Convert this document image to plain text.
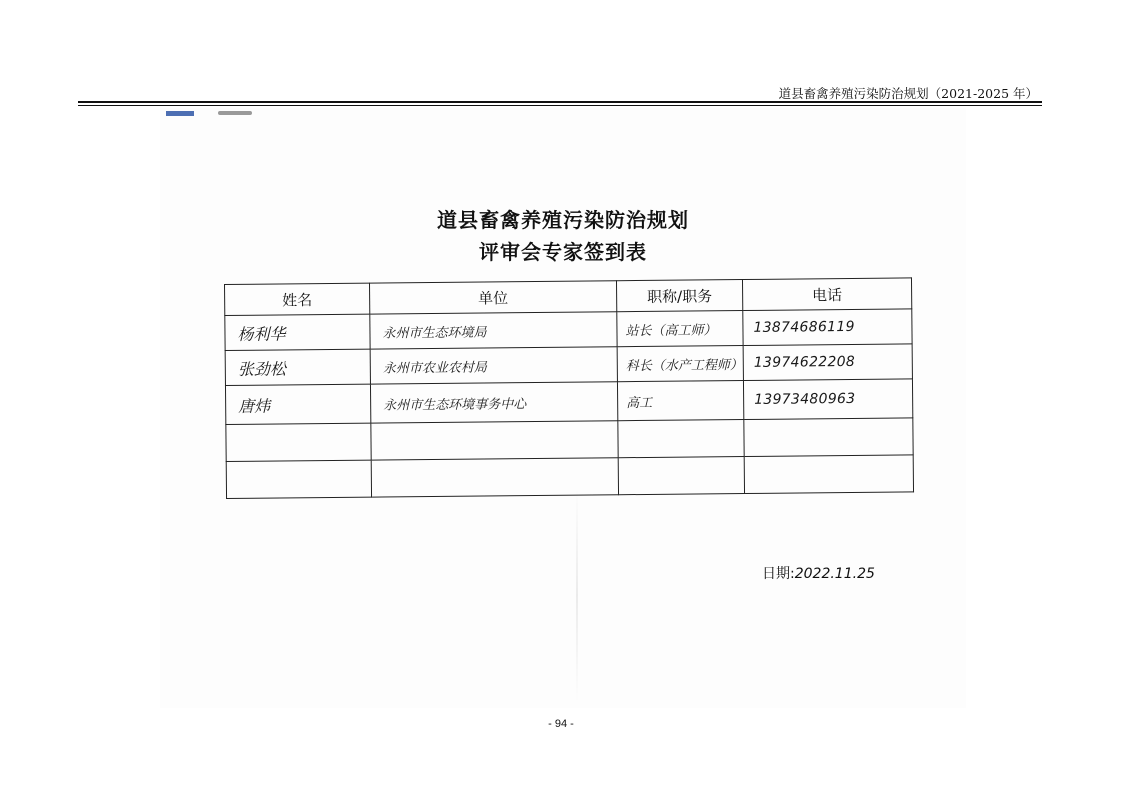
道县畜禽养殖污染防治规划（2021-2025 年）
道县畜禽养殖污染防治规划
评审会专家签到表
姓名	单位	职称/职务	电话

杨利华	永州市生态环境局	站长（高工师）	13874686119

张劲松	永州市农业农村局	科长（水产工程师）	13974622208

唐炜	永州市生态环境事务中心	高工	13973480963

日期:2022.11.25
- 94 -
